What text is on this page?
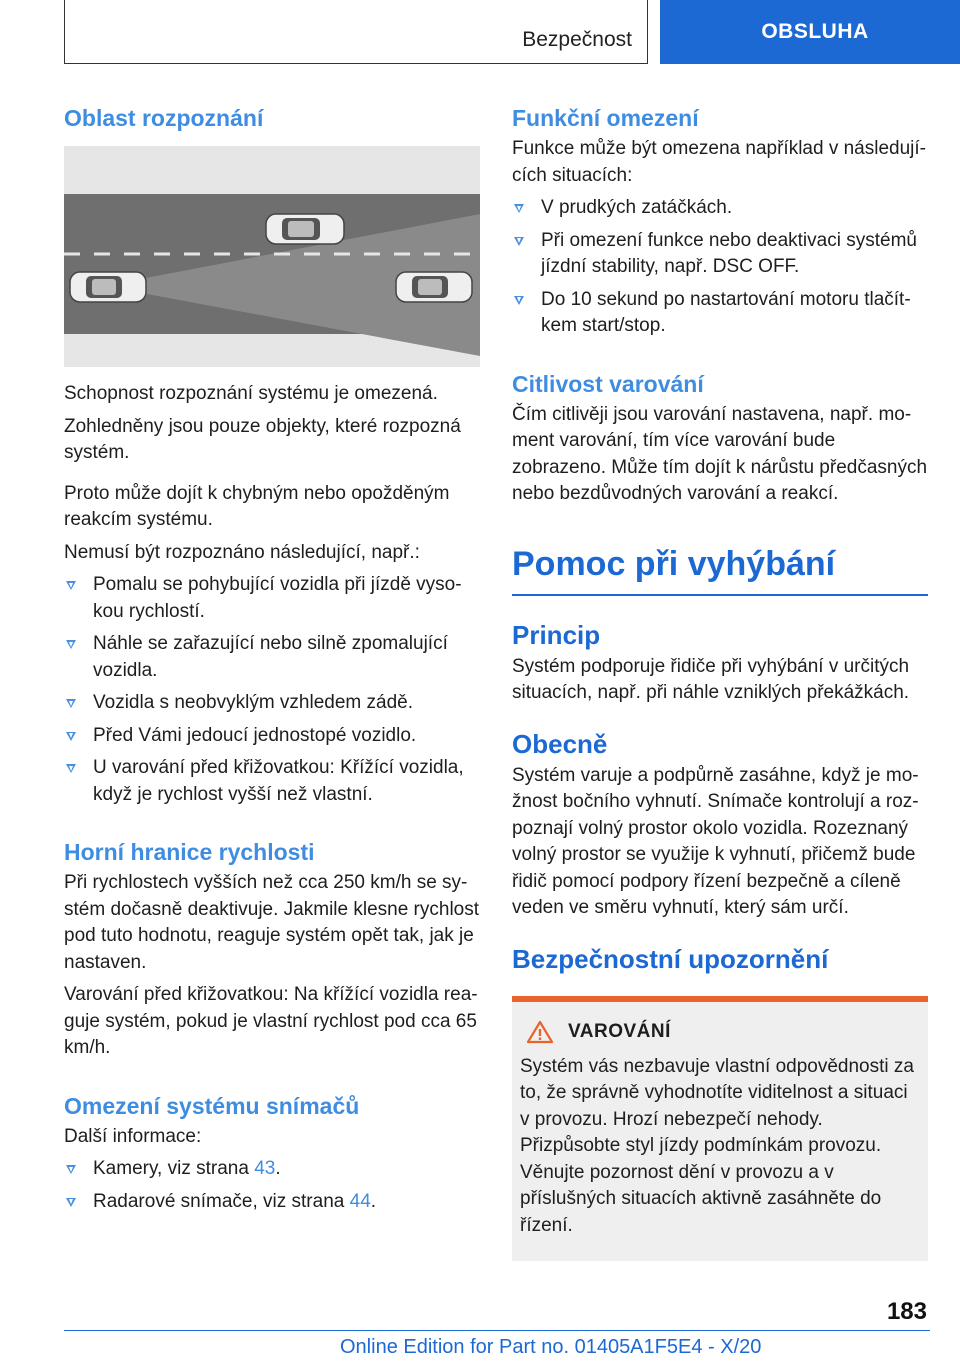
Bezpečnost	OBSLUHA
Oblast rozpoznání

Schopnost rozpoznání systému je omezená.

Zohledněny jsou pouze objekty, které rozpozná systém.

Proto může dojít k chybným nebo opožděným reakcím systému.

Nemusí být rozpoznáno následující, např.:

Pomalu se pohybující vozidla při jízdě vysokou rychlostí.
Náhle se zařazující nebo silně zpomalující vozidla.
Vozidla s neobvyklým vzhledem zádě.
Před Vámi jedoucí jednostopé vozidlo.
U varování před křižovatkou: Křížící vozidla, když je rychlost vyšší než vlastní.
Horní hranice rychlosti

Při rychlostech vyšších než cca 250 km/h se systém dočasně deaktivuje. Jakmile klesne rychlost pod tuto hodnotu, reaguje systém opět tak, jak je nastaven.

Varování před křižovatkou: Na křížící vozidla reaguje systém, pokud je vlastní rychlost pod cca 65 km/h.

Omezení systému snímačů

Další informace:

Kamery, viz strana 43.
Radarové snímače, viz strana 44.
Funkční omezení

Funkce může být omezena například v následujících situacích:

V prudkých zatáčkách.
Při omezení funkce nebo deaktivaci systémů jízdní stability, např. DSC OFF.
Do 10 sekund po nastartování motoru tlačítkem start/stop.
Citlivost varování

Čím citlivěji jsou varování nastavena, např. moment varování, tím více varování bude zobrazeno. Může tím dojít k nárůstu předčasných nebo bezdůvodných varování a reakcí.

Pomoc při vyhýbání
Princip

Systém podporuje řidiče při vyhýbání v určitých situacích, např. při náhle vzniklých překážkách.

Obecně

Systém varuje a podpůrně zasáhne, když je možnost bočního vyhnutí. Snímače kontrolují a rozpoznají volný prostor okolo vozidla. Rozeznaný volný prostor se využije k vyhnutí, přičemž bude řidič pomocí podpory řízení bezpečně a cíleně veden ve směru vyhnutí, který sám určí.

Bezpečnostní upozornění
VAROVÁNÍ

Systém vás nezbavuje vlastní odpovědnosti za to, že správně vyhodnotíte viditelnost a situaci v provozu. Hrozí nebezpečí nehody. Přizpůsobte styl jízdy podmínkám provozu. Věnujte pozornost dění v provozu a v příslušných situacích aktivně zasáhněte do řízení.

183
Online Edition for Part no. 01405A1F5E4 - X/20
